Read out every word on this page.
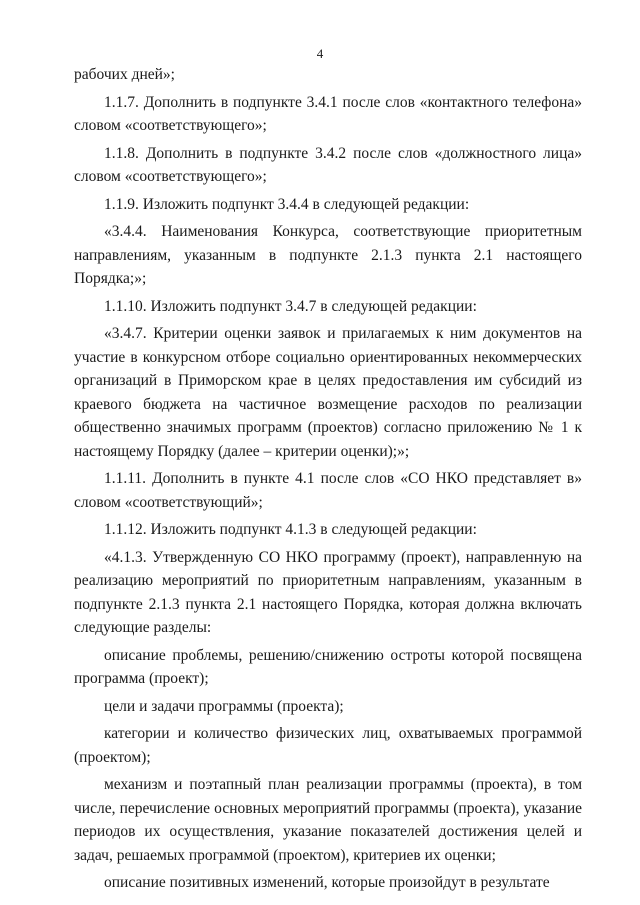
4

рабочих дней»;

1.1.7. Дополнить в подпункте 3.4.1 после слов «контактного телефона» словом «соответствующего»;

1.1.8. Дополнить в подпункте 3.4.2 после слов «должностного лица» словом «соответствующего»;

1.1.9. Изложить подпункт 3.4.4 в следующей редакции:

«3.4.4. Наименования Конкурса, соответствующие приоритетным направлениям, указанным в подпункте 2.1.3 пункта 2.1 настоящего Порядка;»;

1.1.10. Изложить подпункт 3.4.7 в следующей редакции:

«3.4.7. Критерии оценки заявок и прилагаемых к ним документов на участие в конкурсном отборе социально ориентированных некоммерческих организаций в Приморском крае в целях предоставления им субсидий из краевого бюджета на частичное возмещение расходов по реализации общественно значимых программ (проектов) согласно приложению № 1 к настоящему Порядку (далее – критерии оценки);»;

1.1.11. Дополнить в пункте 4.1 после слов «СО НКО представляет в» словом «соответствующий»;

1.1.12. Изложить подпункт 4.1.3 в следующей редакции:

«4.1.3. Утвержденную СО НКО программу (проект), направленную на реализацию мероприятий по приоритетным направлениям, указанным в подпункте 2.1.3 пункта 2.1 настоящего Порядка, которая должна включать следующие разделы:

описание проблемы, решению/снижению остроты которой посвящена программа (проект);

цели и задачи программы (проекта);

категории и количество физических лиц, охватываемых программой (проектом);

механизм и поэтапный план реализации программы (проекта), в том числе, перечисление основных мероприятий программы (проекта), указание периодов их осуществления, указание показателей достижения целей и задач, решаемых программой (проектом), критериев их оценки;

описание позитивных изменений, которые произойдут в результате
